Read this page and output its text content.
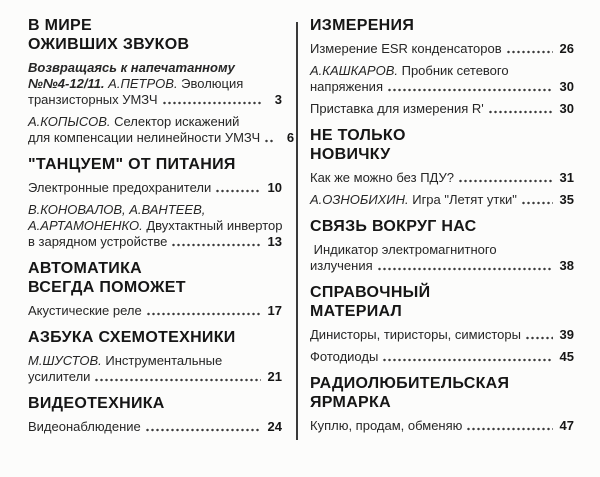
В МИРЕ
ОЖИВШИХ ЗВУКОВ
Возвращаясь к напечатанному
№№4-12/11. А.ПЕТРОВ. Эволюция
транзисторных УМЗЧ	3
А.КОПЫСОВ. Селектор искажений
для компенсации нелинейности УМЗЧ	6
"ТАНЦУЕМ" ОТ ПИТАНИЯ
Электронные предохранители	10
В.КОНОВАЛОВ, А.ВАНТЕЕВ,
А.АРТАМОНЕНКО. Двухтактный инвертор
в зарядном устройстве	13
АВТОМАТИКА
ВСЕГДА ПОМОЖЕТ
Акустические реле	17
АЗБУКА СХЕМОТЕХНИКИ
М.ШУСТОВ. Инструментальные
усилители	21
ВИДЕОТЕХНИКА
Видеонаблюдение	24
ИЗМЕРЕНИЯ
Измерение ESR конденсаторов	26
А.КАШКАРОВ. Пробник сетевого
напряжения	30
Приставка для измерения R'	30
НЕ ТОЛЬКО
НОВИЧКУ
Как же можно без ПДУ?	31
А.ОЗНОБИХИН. Игра "Летят утки"	35
СВЯЗЬ ВОКРУГ НАС
Индикатор электромагнитного
излучения	38
СПРАВОЧНЫЙ
МАТЕРИАЛ
Динисторы, тиристоры, симисторы	39
Фотодиоды	45
РАДИОЛЮБИТЕЛЬСКАЯ
ЯРМАРКА
Куплю, продам, обменяю	47
